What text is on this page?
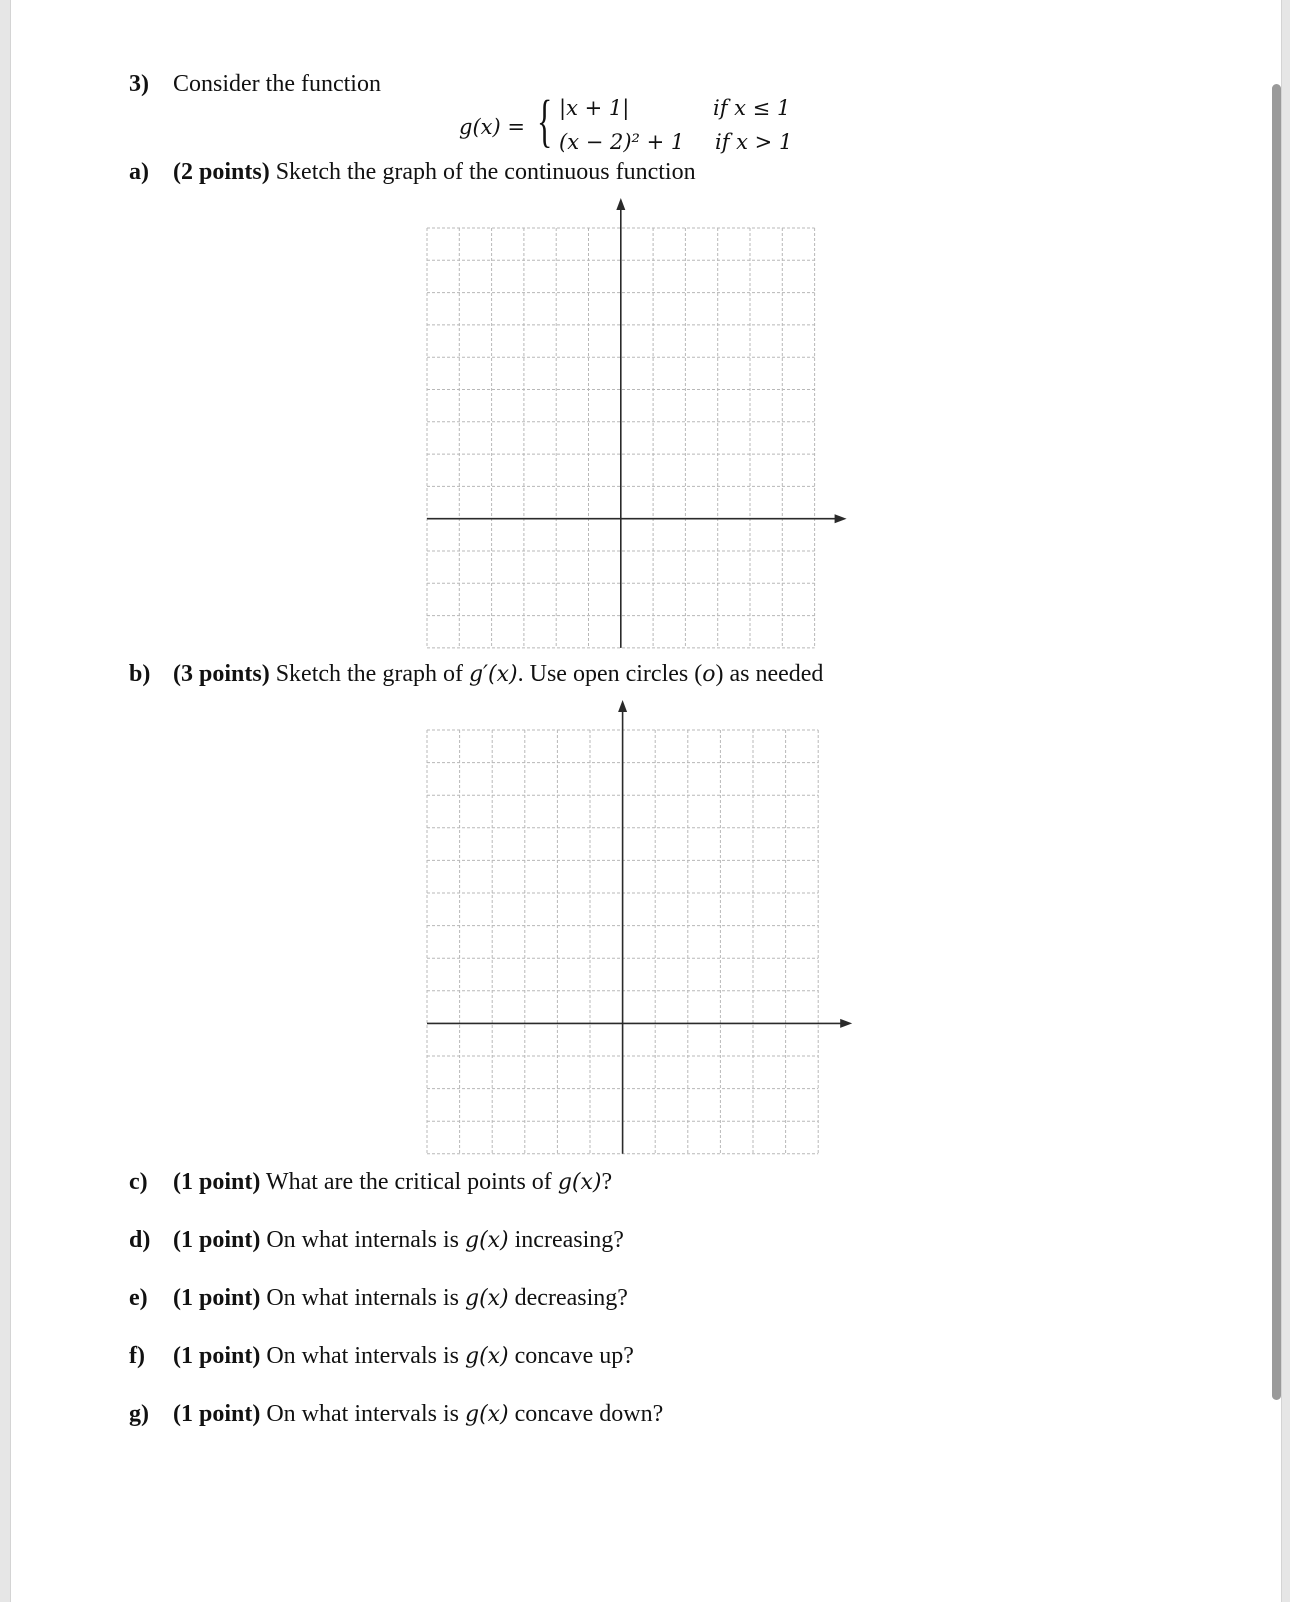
3) Consider the function
g(x) = { |x + 1|	if x ≤ 1
(x − 2)² + 1 if x > 1
a) (2 points) Sketch the graph of the continuous function
b) (3 points) Sketch the graph of g′(x). Use open circles (o) as needed
c) (1 point) What are the critical points of g(x)?
d) (1 point) On what internals is g(x) increasing?
e) (1 point) On what internals is g(x) decreasing?
f) (1 point) On what intervals is g(x) concave up?
g) (1 point) On what intervals is g(x) concave down?
